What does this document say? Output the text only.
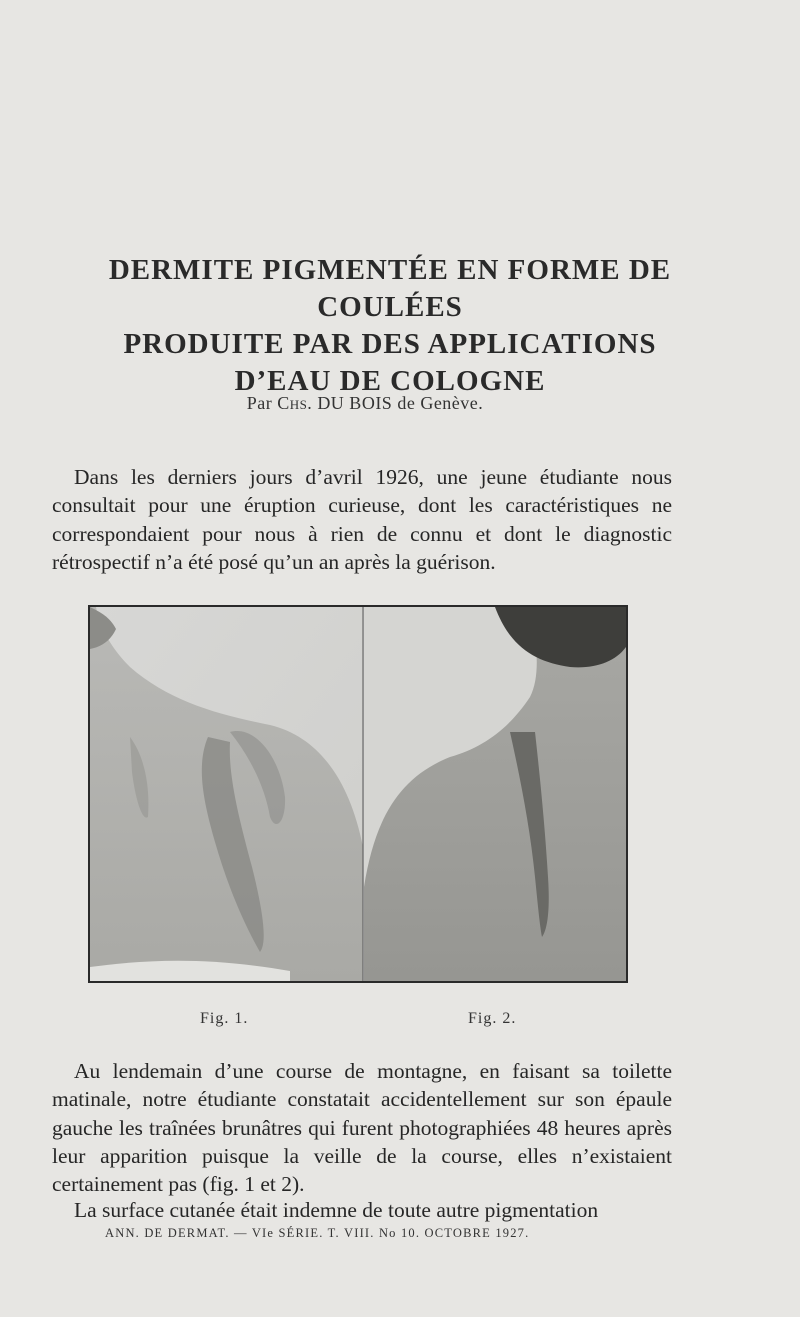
DERMITE PIGMENTÉE EN FORME DE COULÉES
PRODUITE PAR DES APPLICATIONS
D’EAU DE COLOGNE
Par Chs. DU BOIS de Genève.

Dans les derniers jours d’avril 1926, une jeune étudiante nous consultait pour une éruption curieuse, dont les caractéristiques ne correspondaient pour nous à rien de connu et dont le diagnostic rétrospectif n’a été posé qu’un an après la guérison.

Fig. 1.	Fig. 2.

Au lendemain d’une course de montagne, en faisant sa toilette matinale, notre étudiante constatait accidentellement sur son épaule gauche les traînées brunâtres qui furent photographiées 48 heures après leur apparition puisque la veille de la course, elles n’existaient certainement pas (fig. 1 et 2).

La surface cutanée était indemne de toute autre pigmentation

ANN. DE DERMAT. — VIe SÉRIE. T. VIII. No 10. OCTOBRE 1927.
